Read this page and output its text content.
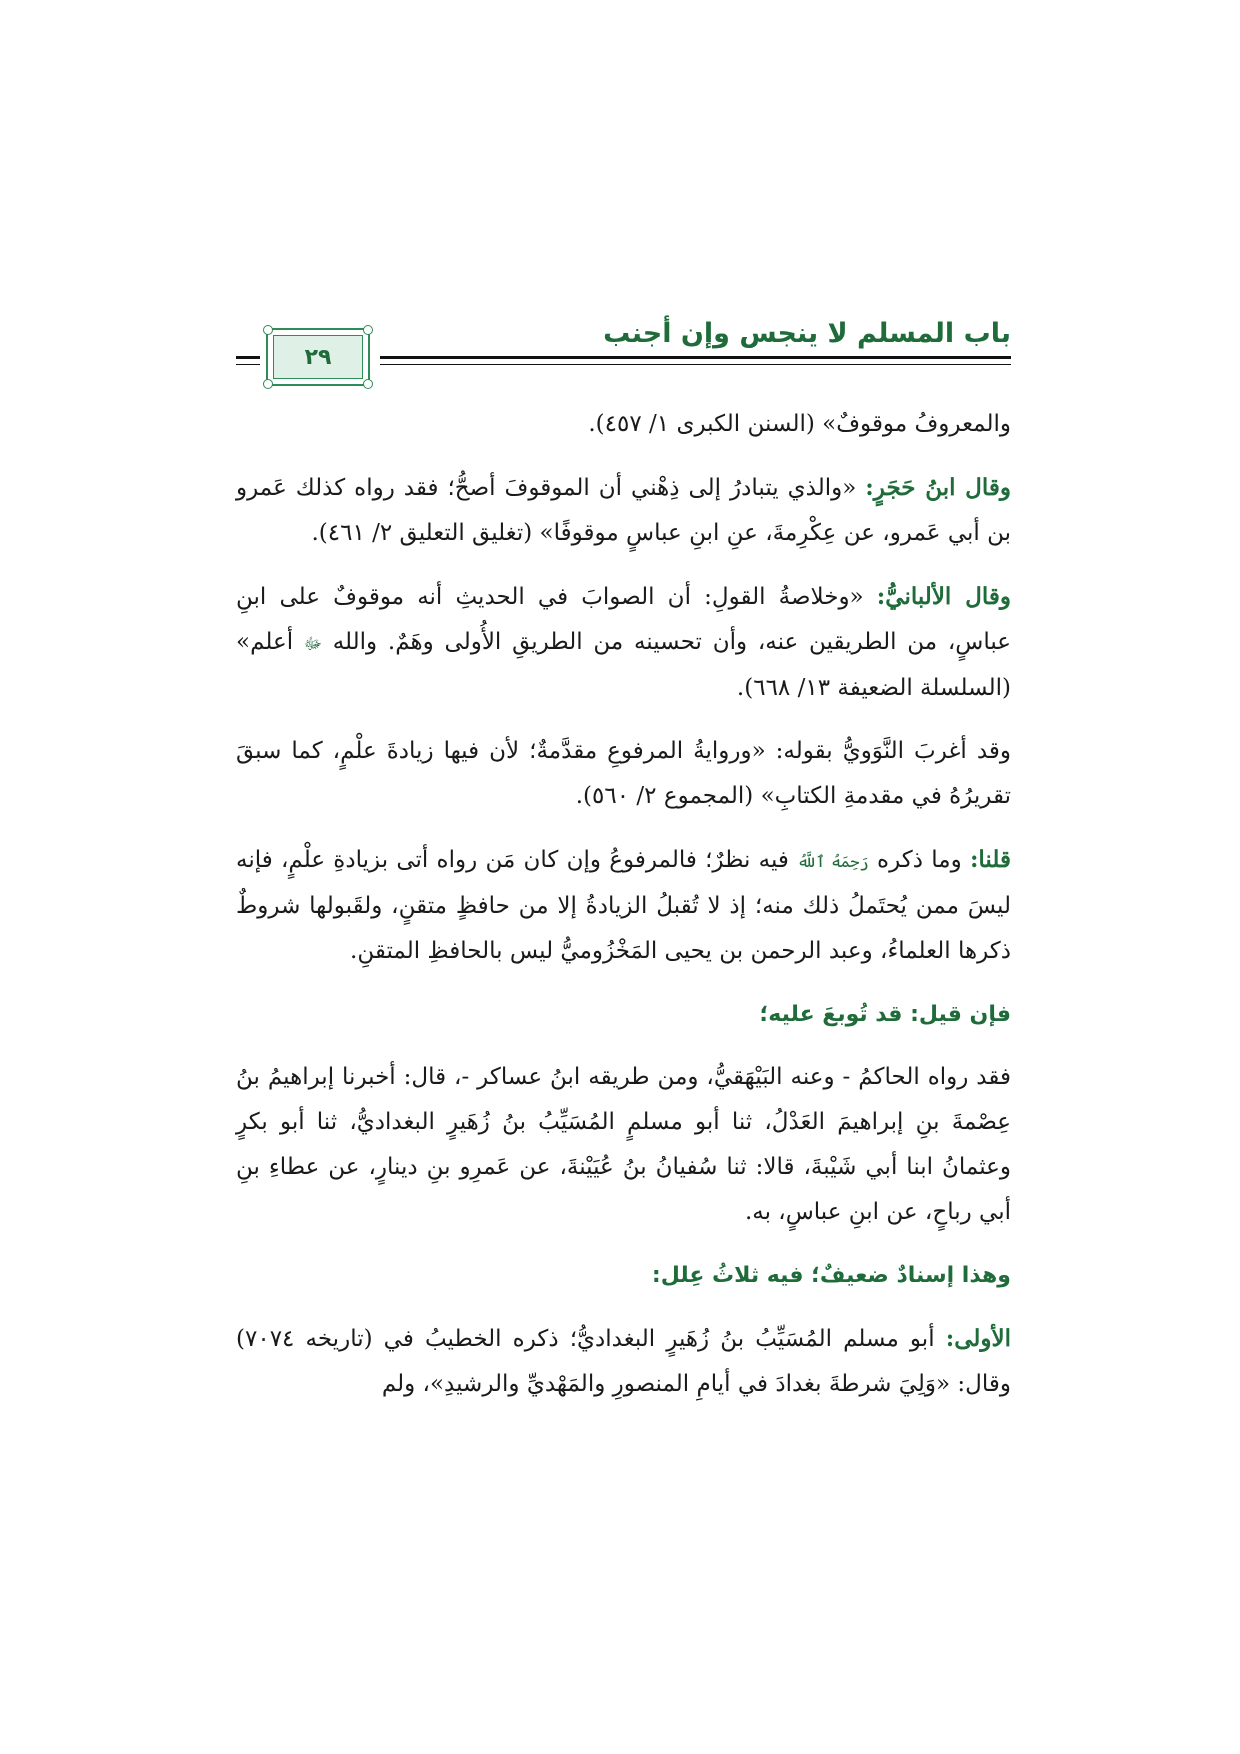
باب المسلم لا ينجس وإن أجنب
٢٩

والمعروفُ موقوفٌ» (السنن الكبرى ١/ ٤٥٧).

وقال ابنُ حَجَرٍ: «والذي يتبادرُ إلى ذِهْني أن الموقوفَ أصحُّ؛ فقد رواه كذلك عَمرو بن أبي عَمرو، عن عِكْرِمةَ، عنِ ابنِ عباسٍ موقوفًا» (تغليق التعليق ٢/ ٤٦١).

وقال الألبانيُّ: «وخلاصةُ القولِ: أن الصوابَ في الحديثِ أنه موقوفٌ على ابنِ عباسٍ، من الطريقين عنه، وأن تحسينه من الطريقِ الأُولى وهَمٌ. والله ﷻ أعلم» (السلسلة الضعيفة ١٣/ ٦٦٨).

وقد أغربَ النَّوَويُّ بقوله: «وروايةُ المرفوعِ مقدَّمةٌ؛ لأن فيها زيادةَ علْمٍ، كما سبقَ تقريرُهُ في مقدمةِ الكتابِ» (المجموع ٢/ ٥٦٠).

قلنا: وما ذكره رَحِمَهُ ٱللَّهُ فيه نظرٌ؛ فالمرفوعُ وإن كان مَن رواه أتى بزيادةِ علْمٍ، فإنه ليسَ ممن يُحتَملُ ذلك منه؛ إذ لا تُقبلُ الزيادةُ إلا من حافظٍ متقنٍ، ولقَبولها شروطٌ ذكرها العلماءُ، وعبد الرحمن بن يحيى المَخْزُوميُّ ليس بالحافظِ المتقنِ.

فإن قيل: قد تُوبعَ عليه؛

فقد رواه الحاكمُ - وعنه البَيْهَقيُّ، ومن طريقه ابنُ عساكر -، قال: أخبرنا إبراهيمُ بنُ عِصْمةَ بنِ إبراهيمَ العَدْلُ، ثنا أبو مسلمٍ المُسَيِّبُ بنُ زُهَيرٍ البغداديُّ، ثنا أبو بكرٍ وعثمانُ ابنا أبي شَيْبةَ، قالا: ثنا سُفيانُ بنُ عُيَيْنةَ، عن عَمرِو بنِ دينارٍ، عن عطاءِ بنِ أبي رباحٍ، عن ابنِ عباسٍ، به.

وهذا إسنادٌ ضعيفٌ؛ فيه ثلاثُ عِلل:

الأولى: أبو مسلم المُسَيِّبُ بنُ زُهَيرٍ البغداديُّ؛ ذكره الخطيبُ في (تاريخه ٧٠٧٤) وقال: «وَلِيَ شرطةَ بغدادَ في أيامِ المنصورِ والمَهْديِّ والرشيدِ»، ولم
